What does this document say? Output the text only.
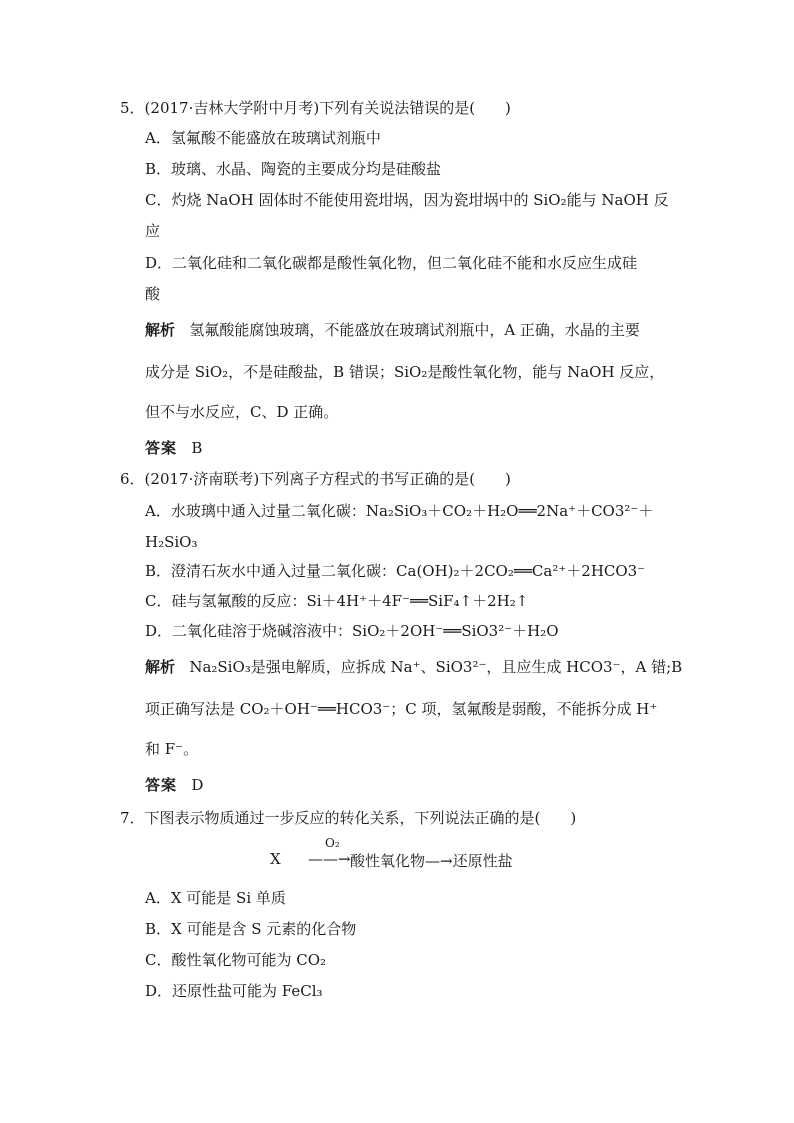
5．(2017·吉林大学附中月考)下列有关说法错误的是(　　)
A．氢氟酸不能盛放在玻璃试剂瓶中
B．玻璃、水晶、陶瓷的主要成分均是硅酸盐
C．灼烧 NaOH 固体时不能使用瓷坩埚，因为瓷坩埚中的 SiO₂能与 NaOH 反
应
D．二氧化硅和二氧化碳都是酸性氧化物，但二氧化硅不能和水反应生成硅
酸
解析 氢氟酸能腐蚀玻璃，不能盛放在玻璃试剂瓶中，A 正确，水晶的主要
成分是 SiO₂，不是硅酸盐，B 错误；SiO₂是酸性氧化物，能与 NaOH 反应，
但不与水反应，C、D 正确。
答案 B
6．(2017·济南联考)下列离子方程式的书写正确的是(　　)
A．水玻璃中通入过量二氧化碳：Na₂SiO₃＋CO₂＋H₂O══2Na⁺＋CO3²⁻＋
H₂SiO₃
B．澄清石灰水中通入过量二氧化碳：Ca(OH)₂＋2CO₂══Ca²⁺＋2HCO3⁻
C．硅与氢氟酸的反应：Si＋4H⁺＋4F⁻══SiF₄↑＋2H₂↑
D．二氧化硅溶于烧碱溶液中：SiO₂＋2OH⁻══SiO3²⁻＋H₂O
解析 Na₂SiO₃是强电解质，应拆成 Na⁺、SiO3²⁻，且应生成 HCO3⁻，A 错;B
项正确写法是 CO₂＋OH⁻══HCO3⁻；C 项，氢氟酸是弱酸，不能拆分成 H⁺
和 F⁻。
答案 D
7．下图表示物质通过一步反应的转化关系，下列说法正确的是(　　)
X
O₂
——→ 酸性氧化物—→还原性盐
A．X 可能是 Si 单质
B．X 可能是含 S 元素的化合物
C．酸性氧化物可能为 CO₂
D．还原性盐可能为 FeCl₃
